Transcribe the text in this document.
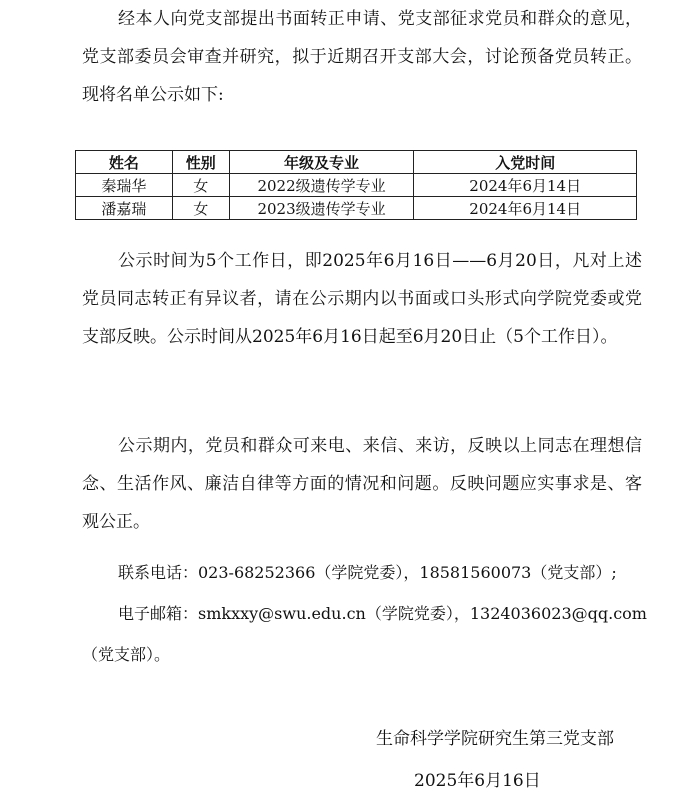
经本人向党支部提出书面转正申请、党支部征求党员和群众的意见，党支部委员会审查并研究，拟于近期召开支部大会，讨论预备党员转正。现将名单公示如下:

姓名	性别	年级及专业	入党时间
秦瑞华	女	2022级遗传学专业	2024年6月14日
潘嘉瑞	女	2023级遗传学专业	2024年6月14日

公示时间为5个工作日，即2025年6月16日——6月20日，凡对上述党员同志转正有异议者，请在公示期内以书面或口头形式向学院党委或党支部反映。公示时间从2025年6月16日起至6月20日止（5个工作日）。

公示期内，党员和群众可来电、来信、来访，反映以上同志在理想信念、生活作风、廉洁自律等方面的情况和问题。反映问题应实事求是、客观公正。

联系电话：023-68252366（学院党委），18581560073（党支部）;
电子邮箱：smkxxy@swu.edu.cn（学院党委），1324036023@qq.com
（党支部）。
生命科学学院研究生第三党支部
2025年6月16日
